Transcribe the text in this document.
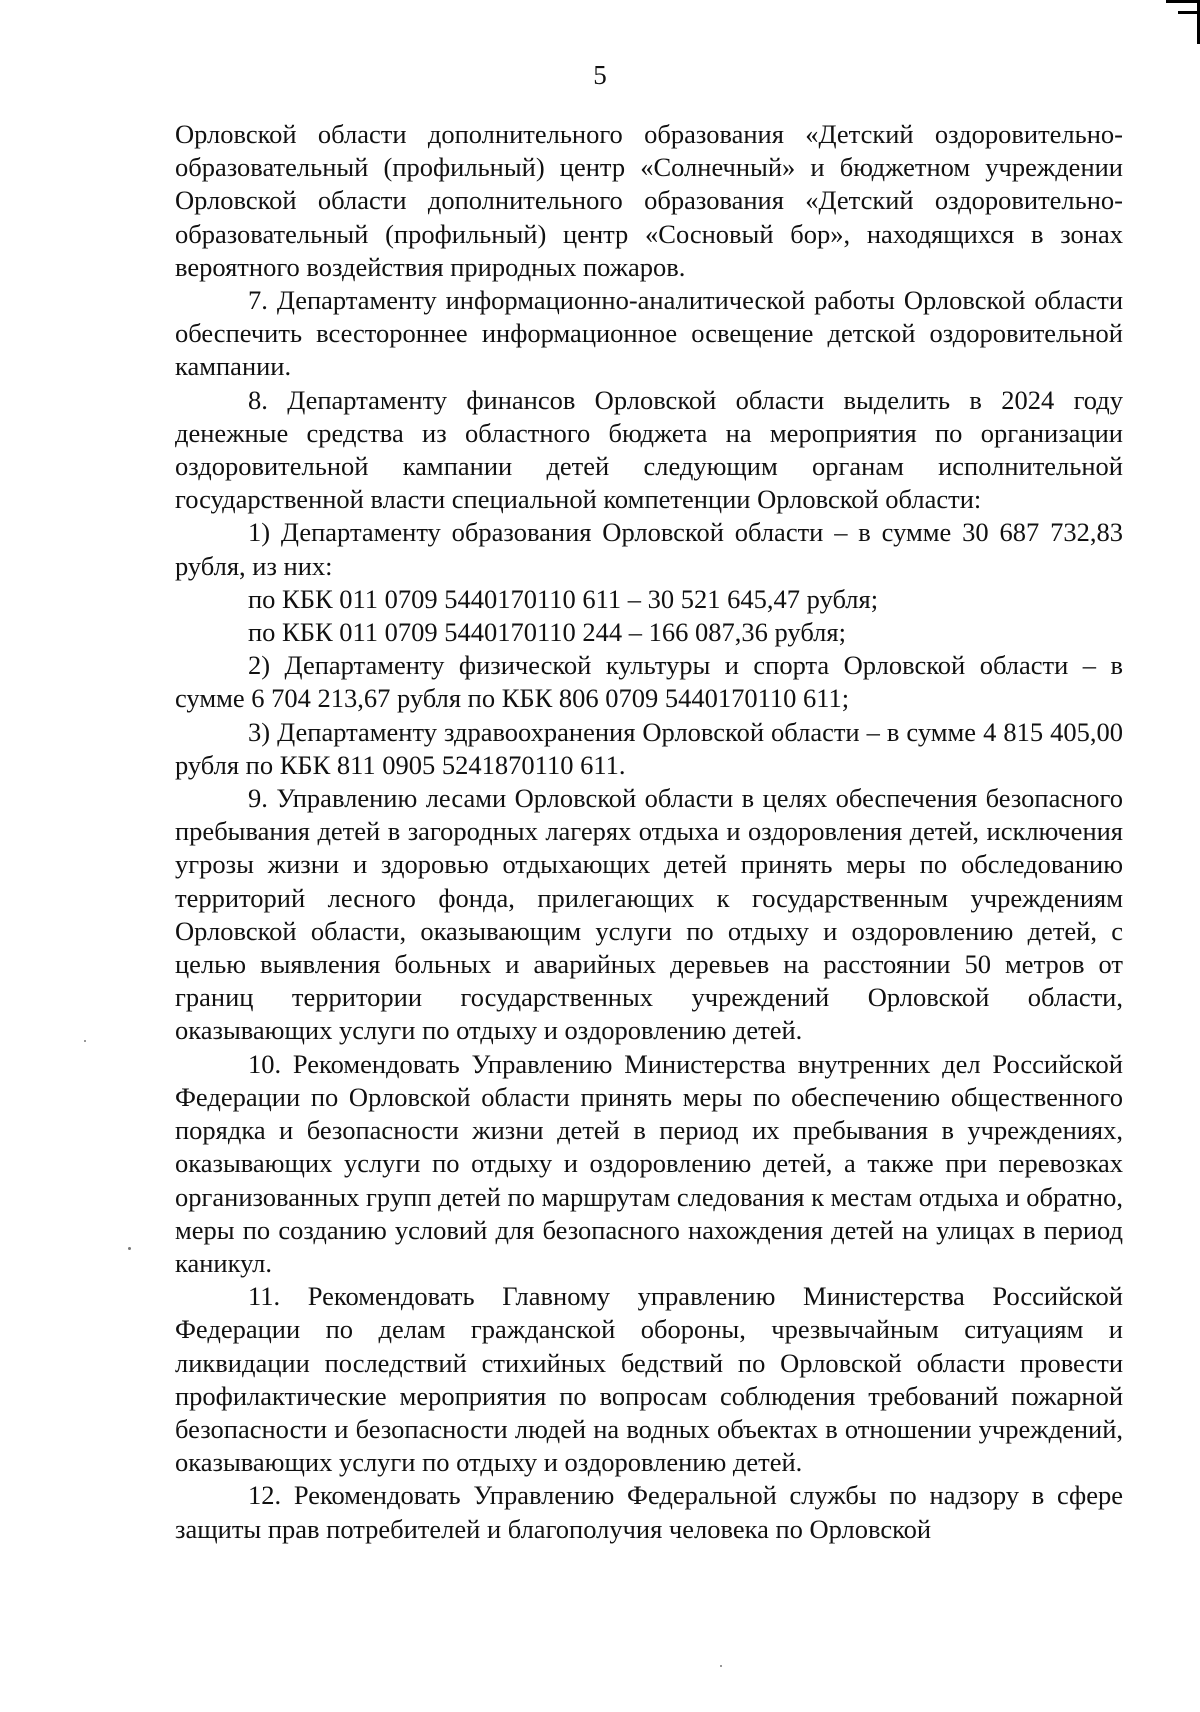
5

Орловской области дополнительного образования «Детский оздоровительно-образовательный (профильный) центр «Солнечный» и бюджетном учреждении Орловской области дополнительного образования «Детский оздоровительно-образовательный (профильный) центр «Сосновый бор», находящихся в зонах вероятного воздействия природных пожаров.

7. Департаменту информационно-аналитической работы Орловской области обеспечить всестороннее информационное освещение детской оздоровительной кампании.

8. Департаменту финансов Орловской области выделить в 2024 году денежные средства из областного бюджета на мероприятия по организации оздоровительной кампании детей следующим органам исполнительной государственной власти специальной компетенции Орловской области:

1) Департаменту образования Орловской области – в сумме 30 687 732,83 рубля, из них:

по КБК 011 0709 5440170110 611 – 30 521 645,47 рубля;

по КБК 011 0709 5440170110 244 – 166 087,36 рубля;

2) Департаменту физической культуры и спорта Орловской области – в сумме 6 704 213,67 рубля по КБК 806 0709 5440170110 611;

3) Департаменту здравоохранения Орловской области – в сумме 4 815 405,00 рубля по КБК 811 0905 5241870110 611.

9. Управлению лесами Орловской области в целях обеспечения безопасного пребывания детей в загородных лагерях отдыха и оздоровления детей, исключения угрозы жизни и здоровью отдыхающих детей принять меры по обследованию территорий лесного фонда, прилегающих к государственным учреждениям Орловской области, оказывающим услуги по отдыху и оздоровлению детей, с целью выявления больных и аварийных деревьев на расстоянии 50 метров от границ территории государственных учреждений Орловской области, оказывающих услуги по отдыху и оздоровлению детей.

10. Рекомендовать Управлению Министерства внутренних дел Российской Федерации по Орловской области принять меры по обеспечению общественного порядка и безопасности жизни детей в период их пребывания в учреждениях, оказывающих услуги по отдыху и оздоровлению детей, а также при перевозках организованных групп детей по маршрутам следования к местам отдыха и обратно, меры по созданию условий для безопасного нахождения детей на улицах в период каникул.

11. Рекомендовать Главному управлению Министерства Российской Федерации по делам гражданской обороны, чрезвычайным ситуациям и ликвидации последствий стихийных бедствий по Орловской области провести профилактические мероприятия по вопросам соблюдения требований пожарной безопасности и безопасности людей на водных объектах в отношении учреждений, оказывающих услуги по отдыху и оздоровлению детей.

12. Рекомендовать Управлению Федеральной службы по надзору в сфере защиты прав потребителей и благополучия человека по Орловской
